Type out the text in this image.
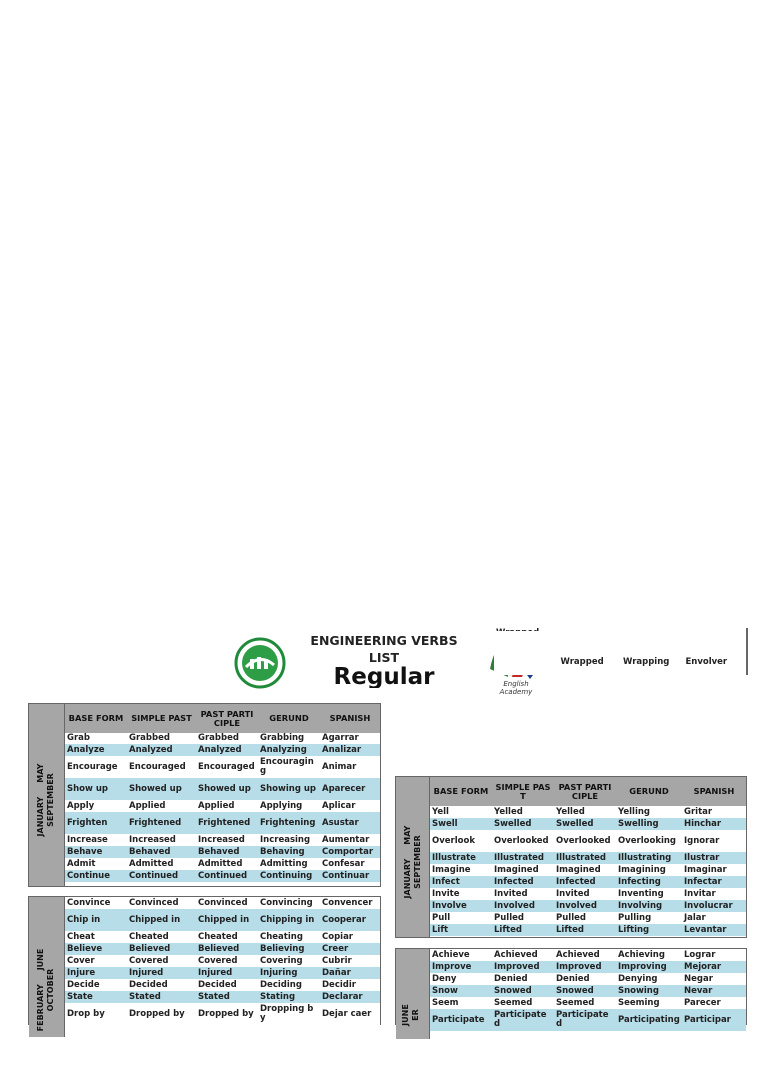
ENGINEERING VERBS
LIST
Regular	English Academy
	Wrapped	Wrapping	Envolver

JANUARY     MAY
SEPTEMBER
BASE FORM	SIMPLE PAST	PAST PARTICIPLE	GERUND	SPANISH
Grab	Grabbed	Grabbed	Grabbing	Agarrar
Analyze	Analyzed	Analyzed	Analyzing	Analizar
Encourage	Encouraged	Encouraged	Encouraging	Animar
Show up	Showed up	Showed up	Showing up	Aparecer
Apply	Applied	Applied	Applying	Aplicar
Frighten	Frightened	Frightened	Frightening	Asustar
Increase	Increased	Increased	Increasing	Aumentar
Behave	Behaved	Behaved	Behaving	Comportar
Admit	Admitted	Admitted	Admitting	Confesar
Continue	Continued	Continued	Continuing	Continuar
FEBRUARY     JUNE
OCTOBER
Convince	Convinced	Convinced	Convincing	Convencer
Chip in	Chipped in	Chipped in	Chipping in	Cooperar
Cheat	Cheated	Cheated	Cheating	Copiar
Believe	Believed	Believed	Believing	Creer
Cover	Covered	Covered	Covering	Cubrir
Injure	Injured	Injured	Injuring	Dañar
Decide	Decided	Decided	Deciding	Decidir
State	Stated	Stated	Stating	Declarar
Drop by	Dropped by	Dropped by	Dropping by	Dejar caer
JANUARY     MAY
SEPTEMBER
BASE FORM	SIMPLE PAST	PAST PARTICIPLE	GERUND	SPANISH
Yell	Yelled	Yelled	Yelling	Gritar
Swell	Swelled	Swelled	Swelling	Hinchar
Overlook	Overlooked	Overlooked	Overlooking	Ignorar
Illustrate	Illustrated	Illustrated	Illustrating	Ilustrar
Imagine	Imagined	Imagined	Imagining	Imaginar
Infect	Infected	Infected	Infecting	Infectar
Invite	Invited	Invited	Inventing	Invitar
Involve	Involved	Involved	Involving	Involucrar
Pull	Pulled	Pulled	Pulling	Jalar
Lift	Lifted	Lifted	Lifting	Levantar
JUNE
ER
Achieve	Achieved	Achieved	Achieving	Lograr
Improve	Improved	Improved	Improving	Mejorar
Deny	Denied	Denied	Denying	Negar
Snow	Snowed	Snowed	Snowing	Nevar
Seem	Seemed	Seemed	Seeming	Parecer
Participate	Participated	Participated	Participating	Participar
